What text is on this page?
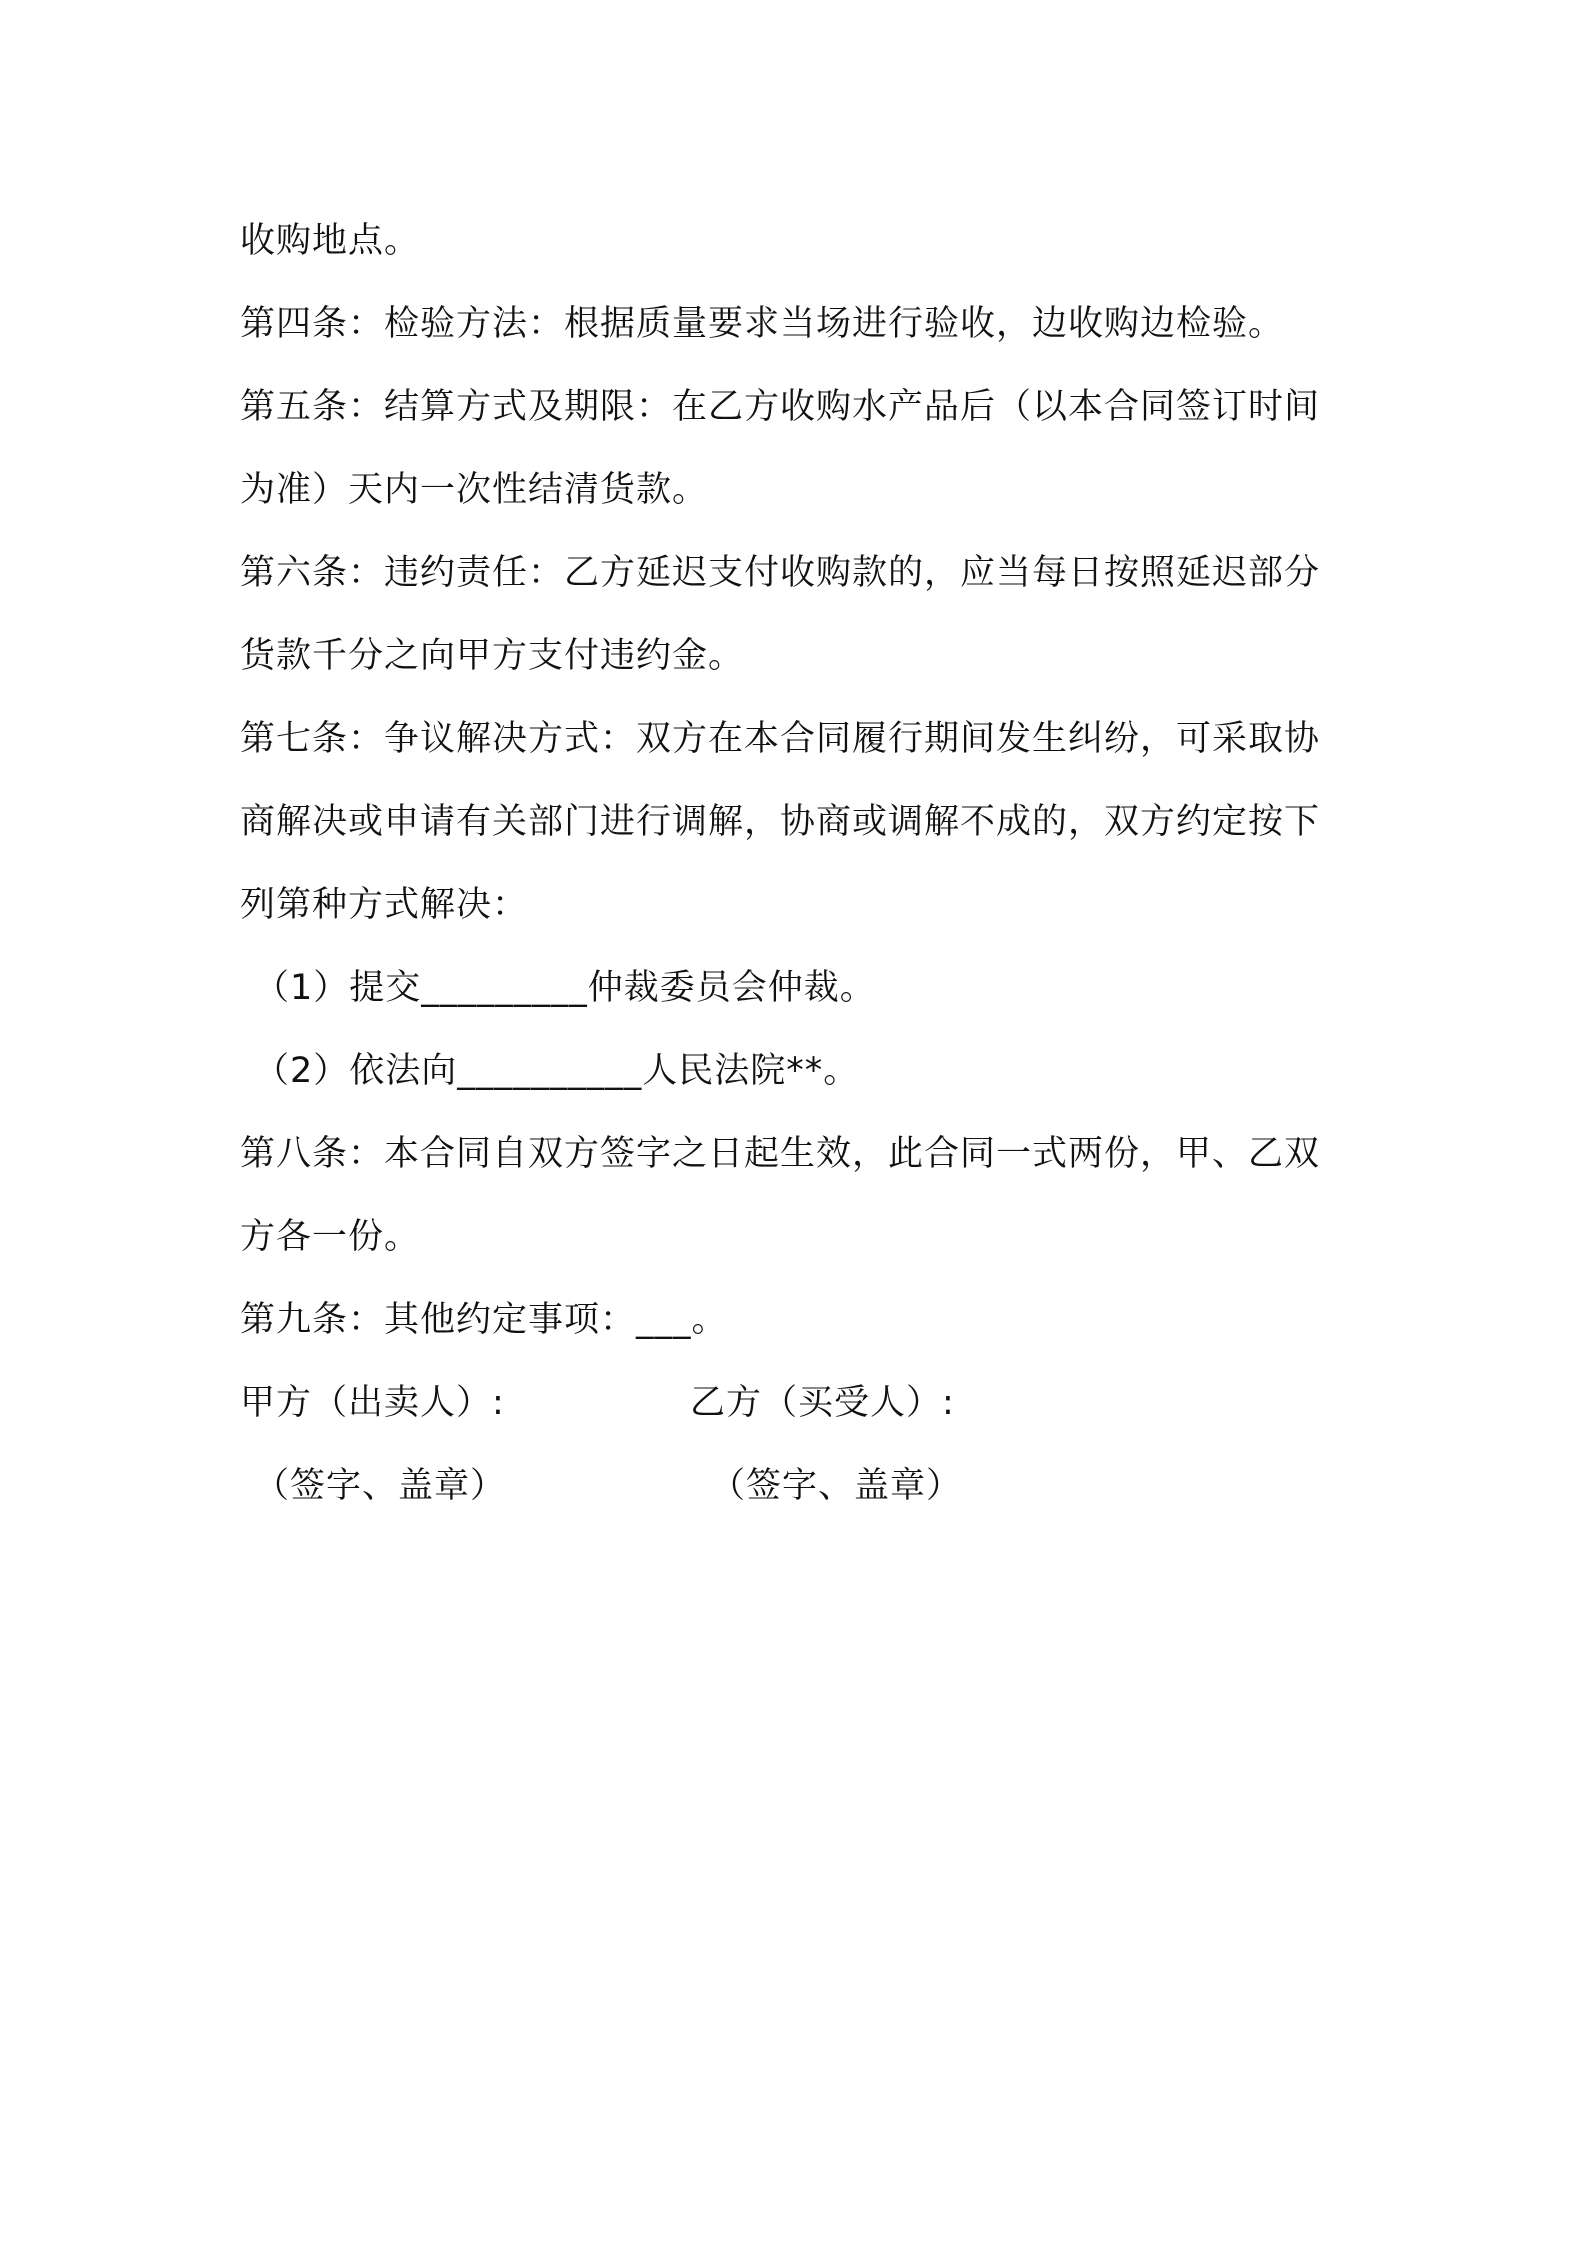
收购地点。
第四条：检验方法：根据质量要求当场进行验收，边收购边检验。
第五条：结算方式及期限：在乙方收购水产品后（以本合同签订时间
为准）天内一次性结清货款。
第六条：违约责任：乙方延迟支付收购款的，应当每日按照延迟部分
货款千分之向甲方支付违约金。
第七条：争议解决方式：双方在本合同履行期间发生纠纷，可采取协
商解决或申请有关部门进行调解，协商或调解不成的，双方约定按下
列第种方式解决：
（1）提交_________仲裁委员会仲裁。
（2）依法向__________人民法院**。
第八条：本合同自双方签字之日起生效，此合同一式两份，甲、乙双
方各一份。
第九条：其他约定事项：___。
甲方（出卖人）:	乙方（买受人）:
（签字、盖章）	（签字、盖章）
